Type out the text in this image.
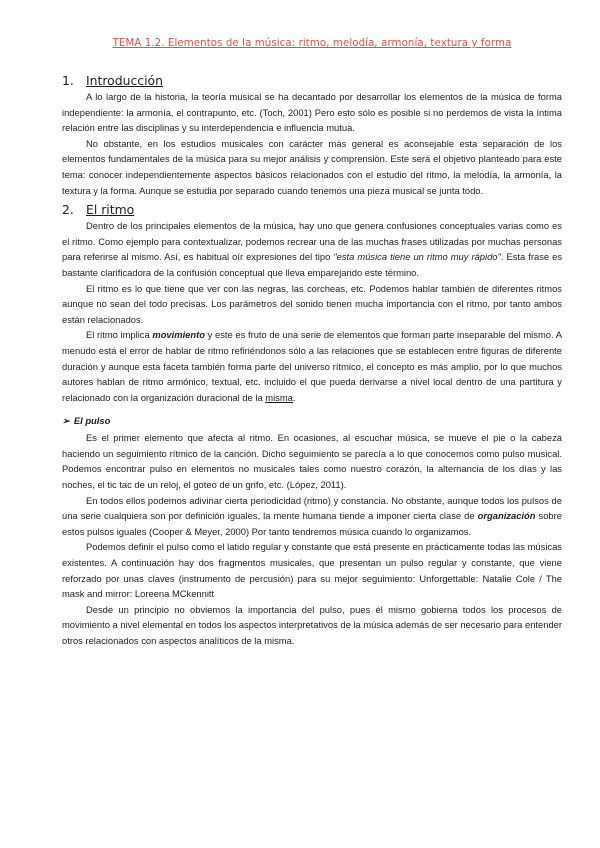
TEMA 1.2. Elementos de la música: ritmo, melodía, armonía, textura y forma
1. Introducción

A lo largo de la historia, la teoría musical se ha decantado por desarrollar los elementos de la música de forma independiente: la armonía, el contrapunto, etc. (Toch, 2001) Pero esto sólo es posible si no perdemos de vista la íntima relación entre las disciplinas y su interdependencia e influencia mutua.

No obstante, en los estudios musicales con carácter más general es aconsejable esta separación de los elementos fundamentales de la música para su mejor análisis y comprensión. Este será el objetivo planteado para este tema: conocer independientemente aspectos básicos relacionados con el estudio del ritmo, la melodía, la armonía, la textura y la forma. Aunque se estudia por separado cuando tenemos una pieza musical se junta todo.

2. El ritmo

Dentro de los principales elementos de la música, hay uno que genera confusiones conceptuales varias como es el ritmo. Como ejemplo para contextualizar, podemos recrear una de las muchas frases utilizadas por muchas personas para referirse al mismo. Así, es habitual oír expresiones del tipo "esta música tiene un ritmo muy rápido". Esta frase es bastante clarificadora de la confusión conceptual que lleva emparejando este término.

El ritmo es lo que tiene que ver con las negras, las corcheas, etc. Podemos hablar también de diferentes ritmos aunque no sean del todo precisas. Los parámetros del sonido tienen mucha importancia con el ritmo, por tanto ambos están relacionados.

El ritmo implica movimiento y este es fruto de una serie de elementos que forman parte inseparable del mismo. A menudo está el error de hablar de ritmo refiriéndonos sólo a las relaciones que se establecen entre figuras de diferente duración y aunque esta faceta también forma parte del universo rítmico, el concepto es más amplio, por lo que muchos autores hablan de ritmo armónico, textual, etc. incluido el que pueda derivarse a nivel local dentro de una partitura y relacionado con la organización duracional de la misma.

➢ El pulso

Es el primer elemento que afecta al ritmo. En ocasiones, al escuchar música, se mueve el pie o la cabeza haciendo un seguimiento rítmico de la canción. Dicho seguimiento se parecía a lo que conocemos como pulso musical. Podemos encontrar pulso en elementos no musicales tales como nuestro corazón, la alternancia de los días y las noches, el tic tac de un reloj, el goteo de un grifo, etc. (López, 2011).

En todos ellos podemos adivinar cierta periodicidad (ritmo) y constancia. No obstante, aunque todos los pulsos de una serie cualquiera son por definición iguales, la mente humana tiende a imponer cierta clase de organización sobre estos pulsos iguales (Cooper & Meyer, 2000) Por tanto tendremos música cuando lo organizamos.

Podemos definir el pulso como el latido regular y constante que está presente en prácticamente todas las músicas existentes. A continuación hay dos fragmentos musicales, que presentan un pulso regular y constante, que viene reforzado por unas claves (instrumento de percusión) para su mejor seguimiento: Unforgettable: Natalie Cole / The mask and mirror: Loreena MCkennitt

Desde un principio no obviemos la importancia del pulso, pues él mismo gobierna todos los procesos de movimiento a nivel elemental en todos los aspectos interpretativos de la música además de ser necesario para entender otros relacionados con aspectos analíticos de la misma.
